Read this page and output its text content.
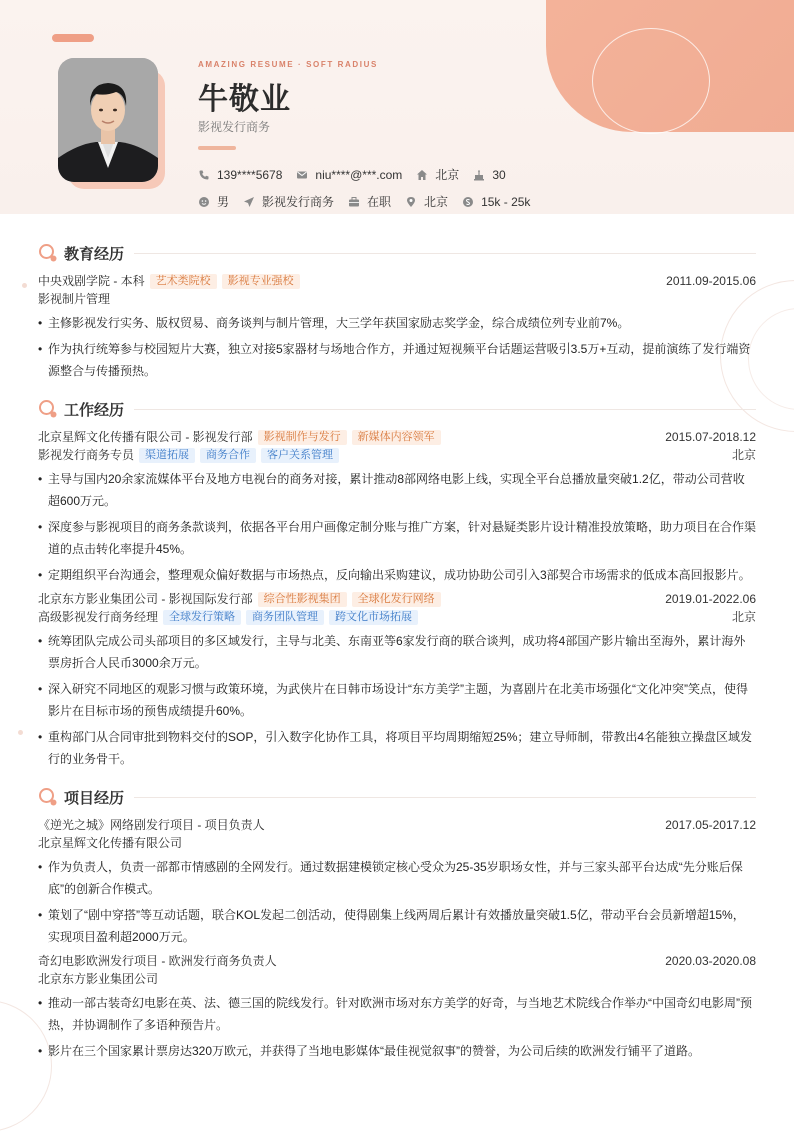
AMAZING RESUME · SOFT RADIUS
牛敬业
影视发行商务
139****5678	niu****@***.com	北京	30
男	影视发行商务	在职	北京	15k - 25k
教育经历
中央戏剧学院 - 本科	艺术类院校	影视专业强校	2011.09-2015.06
影视制片管理
• 主修影视发行实务、版权贸易、商务谈判与制片管理，大三学年获国家励志奖学金，综合成绩位列专业前7%。
• 作为执行统筹参与校园短片大赛，独立对接5家器材与场地合作方，并通过短视频平台话题运营吸引3.5万+互动，提前演练了发行端资源整合与传播预热。
工作经历
北京星辉文化传播有限公司 - 影视发行部	影视制作与发行	新媒体内容领军	2015.07-2018.12
影视发行商务专员	渠道拓展	商务合作	客户关系管理	北京
• 主导与国内20余家流媒体平台及地方电视台的商务对接，累计推动8部网络电影上线，实现全平台总播放量突破1.2亿，带动公司营收超600万元。
• 深度参与影视项目的商务条款谈判，依据各平台用户画像定制分账与推广方案，针对悬疑类影片设计精准投放策略，助力项目在合作渠道的点击转化率提升45%。
• 定期组织平台沟通会，整理观众偏好数据与市场热点，反向输出采购建议，成功协助公司引入3部契合市场需求的低成本高回报影片。
北京东方影业集团公司 - 影视国际发行部	综合性影视集团	全球化发行网络	2019.01-2022.06
高级影视发行商务经理	全球发行策略	商务团队管理	跨文化市场拓展	北京
• 统筹团队完成公司头部项目的多区域发行，主导与北美、东南亚等6家发行商的联合谈判，成功将4部国产影片输出至海外，累计海外票房折合人民币3000余万元。
• 深入研究不同地区的观影习惯与政策环境，为武侠片在日韩市场设计“东方美学”主题，为喜剧片在北美市场强化“文化冲突”笑点，使得影片在目标市场的预售成绩提升60%。
• 重构部门从合同审批到物料交付的SOP，引入数字化协作工具，将项目平均周期缩短25%；建立导师制，带教出4名能独立操盘区域发行的业务骨干。
项目经历
《逆光之城》网络剧发行项目 - 项目负责人	2017.05-2017.12
北京星辉文化传播有限公司
• 作为负责人，负责一部都市情感剧的全网发行。通过数据建模锁定核心受众为25-35岁职场女性，并与三家头部平台达成“先分账后保底”的创新合作模式。
• 策划了“剧中穿搭”等互动话题，联合KOL发起二创活动，使得剧集上线两周后累计有效播放量突破1.5亿，带动平台会员新增超15%，实现项目盈利超2000万元。
奇幻电影欧洲发行项目 - 欧洲发行商务负责人	2020.03-2020.08
北京东方影业集团公司
• 推动一部古装奇幻电影在英、法、德三国的院线发行。针对欧洲市场对东方美学的好奇，与当地艺术院线合作举办“中国奇幻电影周”预热，并协调制作了多语种预告片。
• 影片在三个国家累计票房达320万欧元，并获得了当地电影媒体“最佳视觉叙事”的赞誉，为公司后续的欧洲发行铺平了道路。
